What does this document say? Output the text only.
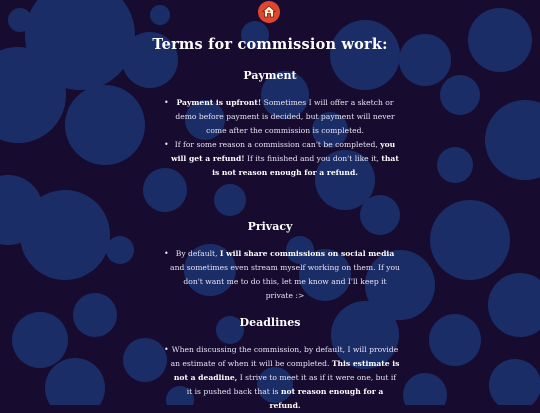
Terms for commission work:
Payment
• Payment is upfront! Sometimes I will offer a sketch or demo before payment is decided, but payment will never come after the commission is completed.
• If for some reason a commission can't be completed, you will get a refund! If its finished and you don't like it, that is not reason enough for a refund.
Privacy
• By default, I will share commissions on social media and sometimes even stream myself working on them. If you don't want me to do this, let me know and I'll keep it private :>
Deadlines
• When discussing the commission, by default, I will provide an estimate of when it will be completed. This estimate is not a deadline, I strive to meet it as if it were one, but if it is pushed back that is not reason enough for a refund.
